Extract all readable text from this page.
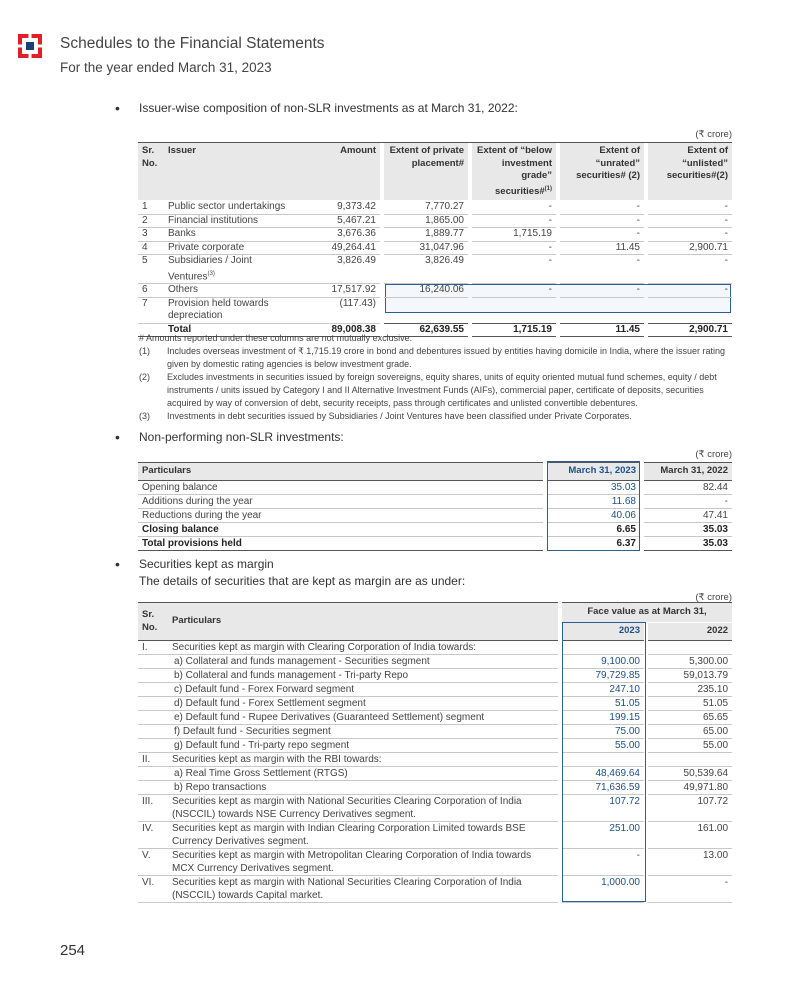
Schedules to the Financial Statements
For the year ended March 31, 2023
• Issuer-wise composition of non-SLR investments as at March 31, 2022:
(₹ crore)
Sr. No.	Issuer	Amount		Extent of private placement#		Extent of “below investment grade” securities#$^{(1)}$		Extent of “unrated” securities# (2)		Extent of “unlisted” securities#(2)
1	Public sector undertakings	9,373.42		7,770.27		-		-		-
2	Financial institutions	5,467.21		1,865.00		-		-		-
3	Banks	3,676.36		1,889.77		1,715.19		-		-
4	Private corporate	49,264.41		31,047.96		-		11.45		2,900.71
5	Subsidiaries / Joint Ventures$^{(3)}$	3,826.49		3,826.49		-		-		-
6	Others	17,517.92		16,240.06		-		-		-
7	Provision held towards depreciation	(117.43)								
	Total	89,008.38		62,639.55		1,715.19		11.45		2,900.71
# Amounts reported under these columns are not mutually exclusive.
(1) Includes overseas investment of ₹ 1,715.19 crore in bond and debentures issued by entities having domicile in India, where the issuer rating given by domestic rating agencies is below investment grade.
(2) Excludes investments in securities issued by foreign sovereigns, equity shares, units of equity oriented mutual fund schemes, equity / debt instruments / units issued by Category I and II Alternative Investment Funds (AIFs), commercial paper, certificate of deposits, securities acquired by way of conversion of debt, security receipts, pass through certificates and unlisted convertible debentures.
(3) Investments in debt securities issued by Subsidiaries / Joint Ventures have been classified under Private Corporates.
• Non-performing non-SLR investments:
(₹ crore)
Particulars		March 31, 2023		March 31, 2022
Opening balance		35.03		82.44
Additions during the year		11.68		-
Reductions during the year		40.06		47.41
Closing balance		6.65		35.03
Total provisions held		6.37		35.03
• Securities kept as margin
The details of securities that are kept as margin are as under:
(₹ crore)
Sr. No.	Particulars		Face value as at March 31,		
			2023		2022
I.	Securities kept as margin with Clearing Corporation of India towards:				
	a) Collateral and funds management - Securities segment		9,100.00		5,300.00
	b) Collateral and funds management - Tri-party Repo		79,729.85		59,013.79
	c) Default fund - Forex Forward segment		247.10		235.10
	d) Default fund - Forex Settlement segment		51.05		51.05
	e) Default fund - Rupee Derivatives (Guaranteed Settlement) segment		199.15		65.65
	f) Default fund - Securities segment		75.00		65.00
	g) Default fund - Tri-party repo segment		55.00		55.00
II.	Securities kept as margin with the RBI towards:				
	a) Real Time Gross Settlement (RTGS)		48,469.64		50,539.64
	b) Repo transactions		71,636.59		49,971.80
III.	Securities kept as margin with National Securities Clearing Corporation of India (NSCCIL) towards NSE Currency Derivatives segment.		107.72		107.72
IV.	Securities kept as margin with Indian Clearing Corporation Limited towards BSE Currency Derivatives segment.		251.00		161.00
V.	Securities kept as margin with Metropolitan Clearing Corporation of India towards MCX Currency Derivatives segment.		-		13.00
VI.	Securities kept as margin with National Securities Clearing Corporation of India (NSCCIL) towards Capital market.		1,000.00		-
254
